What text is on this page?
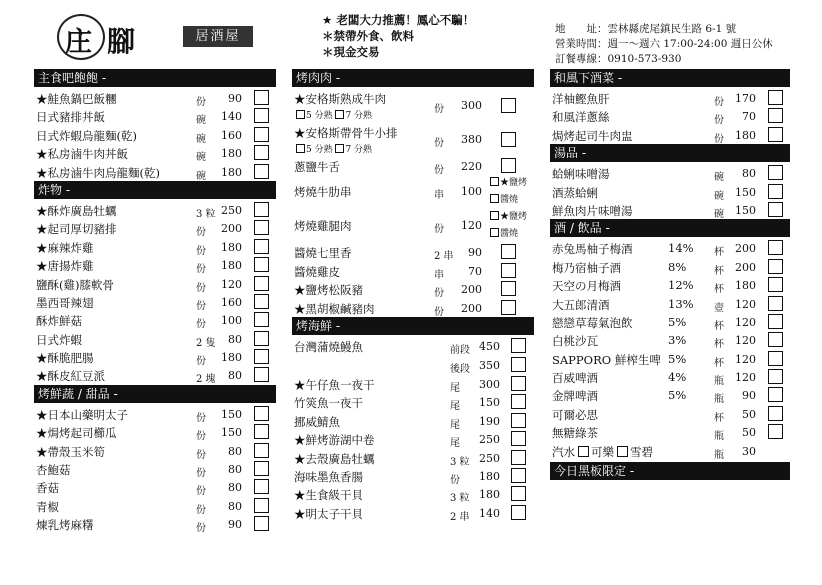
庄 腳	居酒屋
★ 老闆大力推薦！鳳心不騙！
＊禁帶外食、飲料
＊現金交易
地　　址：雲林縣虎尾鎮民生路 6-1 號
營業時間：週一～週六 17:00-24:00 週日公休
訂餐專線：0910-573-930
主食吧飽飽 -
★鮭魚鍋巴飯糰	份	90
日式豬排丼飯	碗	140
日式炸蝦烏龍麵(乾)	碗	160
★私房滷牛肉丼飯	碗	180
★私房滷牛肉烏龍麵(乾)	碗	180
炸物 -
★酥炸廣島牡蠣	3 粒 250
★起司厚切豬排	份	200
★麻辣炸雞	份	180
★唐揚炸雞	份	180
鹽酥(雞)膝軟骨	份	120
墨西哥辣翅	份	160
酥炸鮮菇	份	100
日式炸蝦	2 隻	80
★酥脆肥腸	份	180
★酥皮紅豆派	2 塊	80
烤鮮蔬 / 甜品 -
★日本山藥明太子	份	150
★焗烤起司櫛瓜	份	150
★帶殼玉米筍	份	80
杏鮑菇	份	80
香菇	份	80
青椒	份	80
煉乳烤麻糬	份	90
烤肉肉 -
★安格斯熟成牛肉
5 分熟 7 分熟
份	300
★安格斯帶骨牛小排
5 分熟 7 分熟
份	380
蔥鹽牛舌	份	220
烤燒牛肋串	串	100
★鹽烤
醬燒
烤燒雞腿肉	份	120
★鹽烤
醬燒
醬燒七里香	2 串	90
醬燒雞皮	串	70
★鹽烤松阪豬	份	200
★黑胡椒鹹豬肉	份	200
烤海鮮 -
台灣蒲燒鰻魚	前段 450
後段 350
★午仔魚一夜干	尾	300
竹筴魚一夜干	尾	150
挪威鯖魚	尾	190
★鮮烤游湖中卷	尾	250
★去殼廣島牡蠣	3 粒 250
海味墨魚香腸	份	180
★生食級干貝	3 粒 180
★明太子干貝	2 串 140
和風下酒菜 -
洋柚鰹魚肝	份	170
和風洋蔥絲	份	70
焗烤起司牛肉盅	份	180
湯品 -
蛤蜊味噌湯	碗	80
酒蒸蛤蜊	碗	150
鮮魚肉片味噌湯	碗	150
酒 / 飲品 -
赤兔馬柚子梅酒	14% 杯	200
梅乃宿柚子酒	8%	杯	200
天空の月梅酒	12% 杯	180
大五郎清酒	13% 壺	120
戀戀草莓氣泡飲	5%	杯	120
白桃沙瓦	3%	杯	120
SAPPORO 鮮榨生啤 5%	杯	120
百威啤酒	4%	瓶	120
金牌啤酒	5%	瓶	90
可爾必思	杯	50
無糖綠茶	瓶	50
汽水 可樂 雪碧	瓶	30
今日黑板限定 -
